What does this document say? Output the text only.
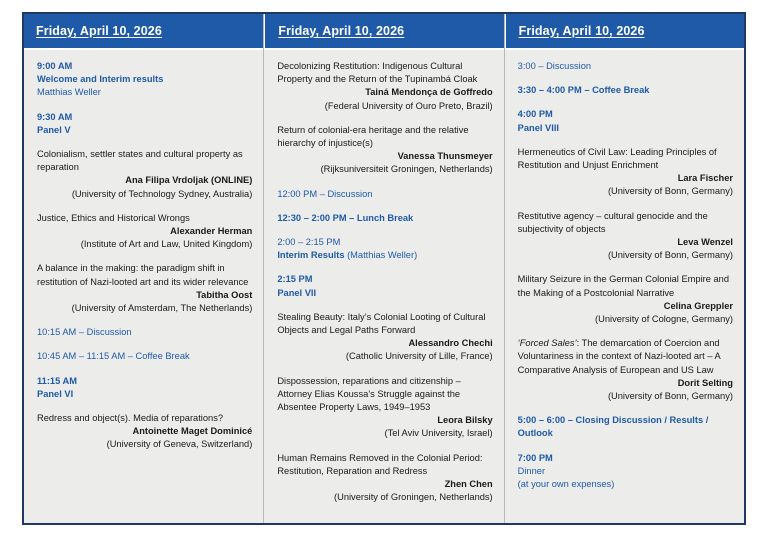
Friday, April 10, 2026
9:00 AM
Welcome and Interim results
Matthias Weller
9:30 AM
Panel V
Colonialism, settler states and cultural property as reparation
Ana Filipa Vrdoljak (ONLINE)
(University of Technology Sydney, Australia)
Justice, Ethics and Historical Wrongs
Alexander Herman
(Institute of Art and Law, United Kingdom)
A balance in the making: the paradigm shift in restitution of Nazi-looted art and its wider relevance
Tabitha Oost
(University of Amsterdam, The Netherlands)
10:15 AM – Discussion
10:45 AM – 11:15 AM – Coffee Break
11:15 AM
Panel VI
Redress and object(s). Media of reparations?
Antoinette Maget Dominicé
(University of Geneva, Switzerland)
Friday, April 10, 2026
Decolonizing Restitution: Indigenous Cultural Property and the Return of the Tupinambá Cloak
Tainá Mendonça de Goffredo
(Federal University of Ouro Preto, Brazil)
Return of colonial-era heritage and the relative hierarchy of injustice(s)
Vanessa Thunsmeyer
(Rijksuniversiteit Groningen, Netherlands)
12:00 PM – Discussion
12:30 – 2:00 PM – Lunch Break
2:00 – 2:15 PM
Interim Results (Matthias Weller)
2:15 PM
Panel VII
Stealing Beauty: Italy’s Colonial Looting of Cultural Objects and Legal Paths Forward
Alessandro Chechi
(Catholic University of Lille, France)
Dispossession, reparations and citizenship – Attorney Elias Koussa’s Struggle against the Absentee Property Laws, 1949–1953
Leora Bilsky
(Tel Aviv University, Israel)
Human Remains Removed in the Colonial Period: Restitution, Reparation and Redress
Zhen Chen
(University of Groningen, Netherlands)
Friday, April 10, 2026
3:00 – Discussion
3:30 – 4:00 PM – Coffee Break
4:00 PM
Panel VIII
Hermeneutics of Civil Law: Leading Principles of Restitution and Unjust Enrichment
Lara Fischer
(University of Bonn, Germany)
Restitutive agency – cultural genocide and the subjectivity of objects
Leva Wenzel
(University of Bonn, Germany)
Military Seizure in the German Colonial Empire and the Making of a Postcolonial Narrative
Celina Greppler
(University of Cologne, Germany)
‘Forced Sales’: The demarcation of Coercion and Voluntariness in the context of Nazi-looted art – A Comparative Analysis of European and US Law
Dorit Selting
(University of Bonn, Germany)
5:00 – 6:00 – Closing Discussion / Results / Outlook
7:00 PM
Dinner
(at your own expenses)
